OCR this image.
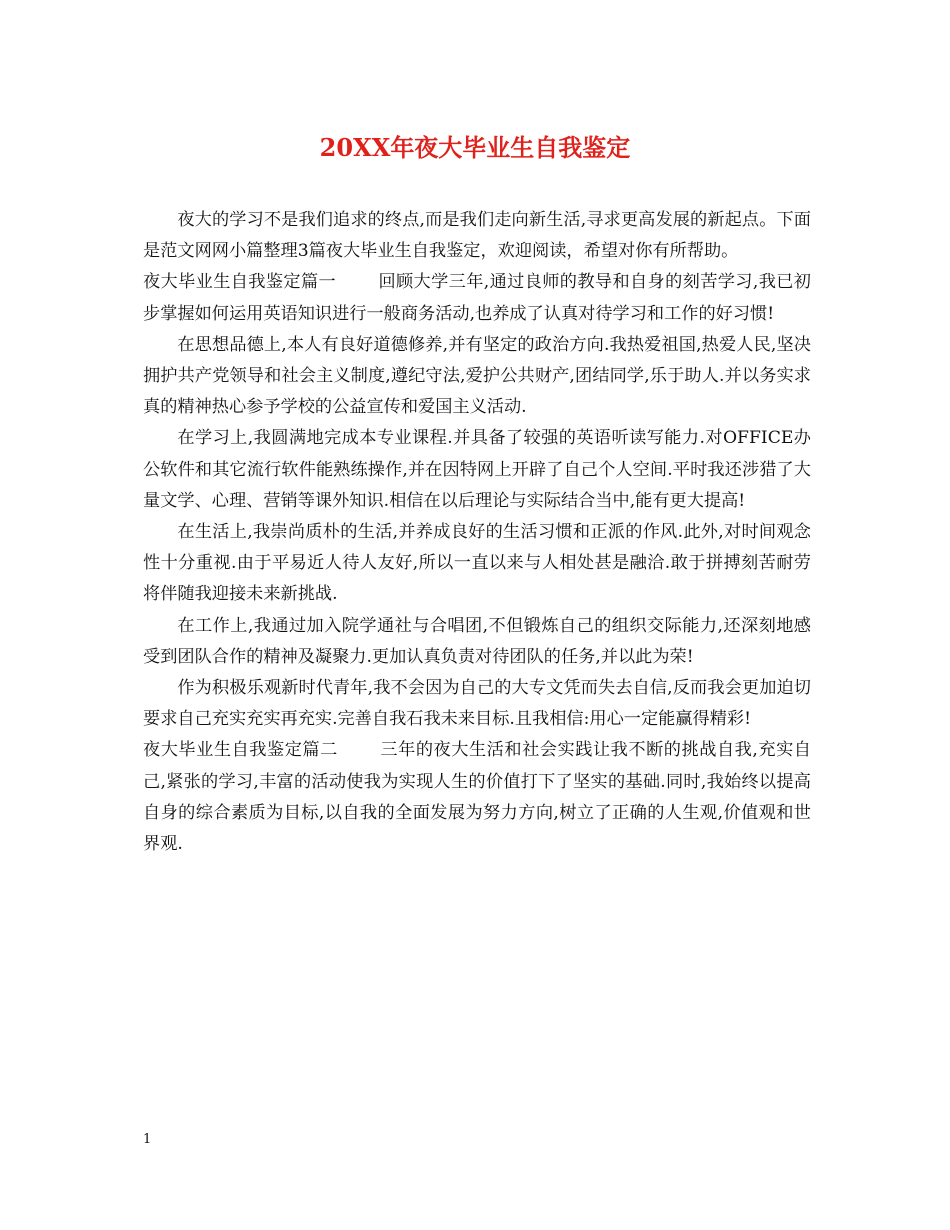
20XX年夜大毕业生自我鉴定

夜大的学习不是我们追求的终点,而是我们走向新生活,寻求更高发展的新起点。下面是范文网网小篇整理3篇夜大毕业生自我鉴定，欢迎阅读，希望对你有所帮助。

夜大毕业生自我鉴定篇一 回顾大学三年,通过良师的教导和自身的刻苦学习,我已初步掌握如何运用英语知识进行一般商务活动,也养成了认真对待学习和工作的好习惯!

在思想品德上,本人有良好道德修养,并有坚定的政治方向.我热爱祖国,热爱人民,坚决拥护共产党领导和社会主义制度,遵纪守法,爱护公共财产,团结同学,乐于助人.并以务实求真的精神热心参予学校的公益宣传和爱国主义活动.

在学习上,我圆满地完成本专业课程.并具备了较强的英语听读写能力.对OFFICE办公软件和其它流行软件能熟练操作,并在因特网上开辟了自己个人空间.平时我还涉猎了大量文学、心理、营销等课外知识.相信在以后理论与实际结合当中,能有更大提高!

在生活上,我崇尚质朴的生活,并养成良好的生活习惯和正派的作风.此外,对时间观念性十分重视.由于平易近人待人友好,所以一直以来与人相处甚是融洽.敢于拼搏刻苦耐劳将伴随我迎接未来新挑战.

在工作上,我通过加入院学通社与合唱团,不但锻炼自己的组织交际能力,还深刻地感受到团队合作的精神及凝聚力.更加认真负责对待团队的任务,并以此为荣!

作为积极乐观新时代青年,我不会因为自己的大专文凭而失去自信,反而我会更加迫切要求自己充实充实再充实.完善自我石我未来目标.且我相信:用心一定能赢得精彩!

夜大毕业生自我鉴定篇二 三年的夜大生活和社会实践让我不断的挑战自我,充实自己,紧张的学习,丰富的活动使我为实现人生的价值打下了坚实的基础.同时,我始终以提高自身的综合素质为目标,以自我的全面发展为努力方向,树立了正确的人生观,价值观和世界观.

1
